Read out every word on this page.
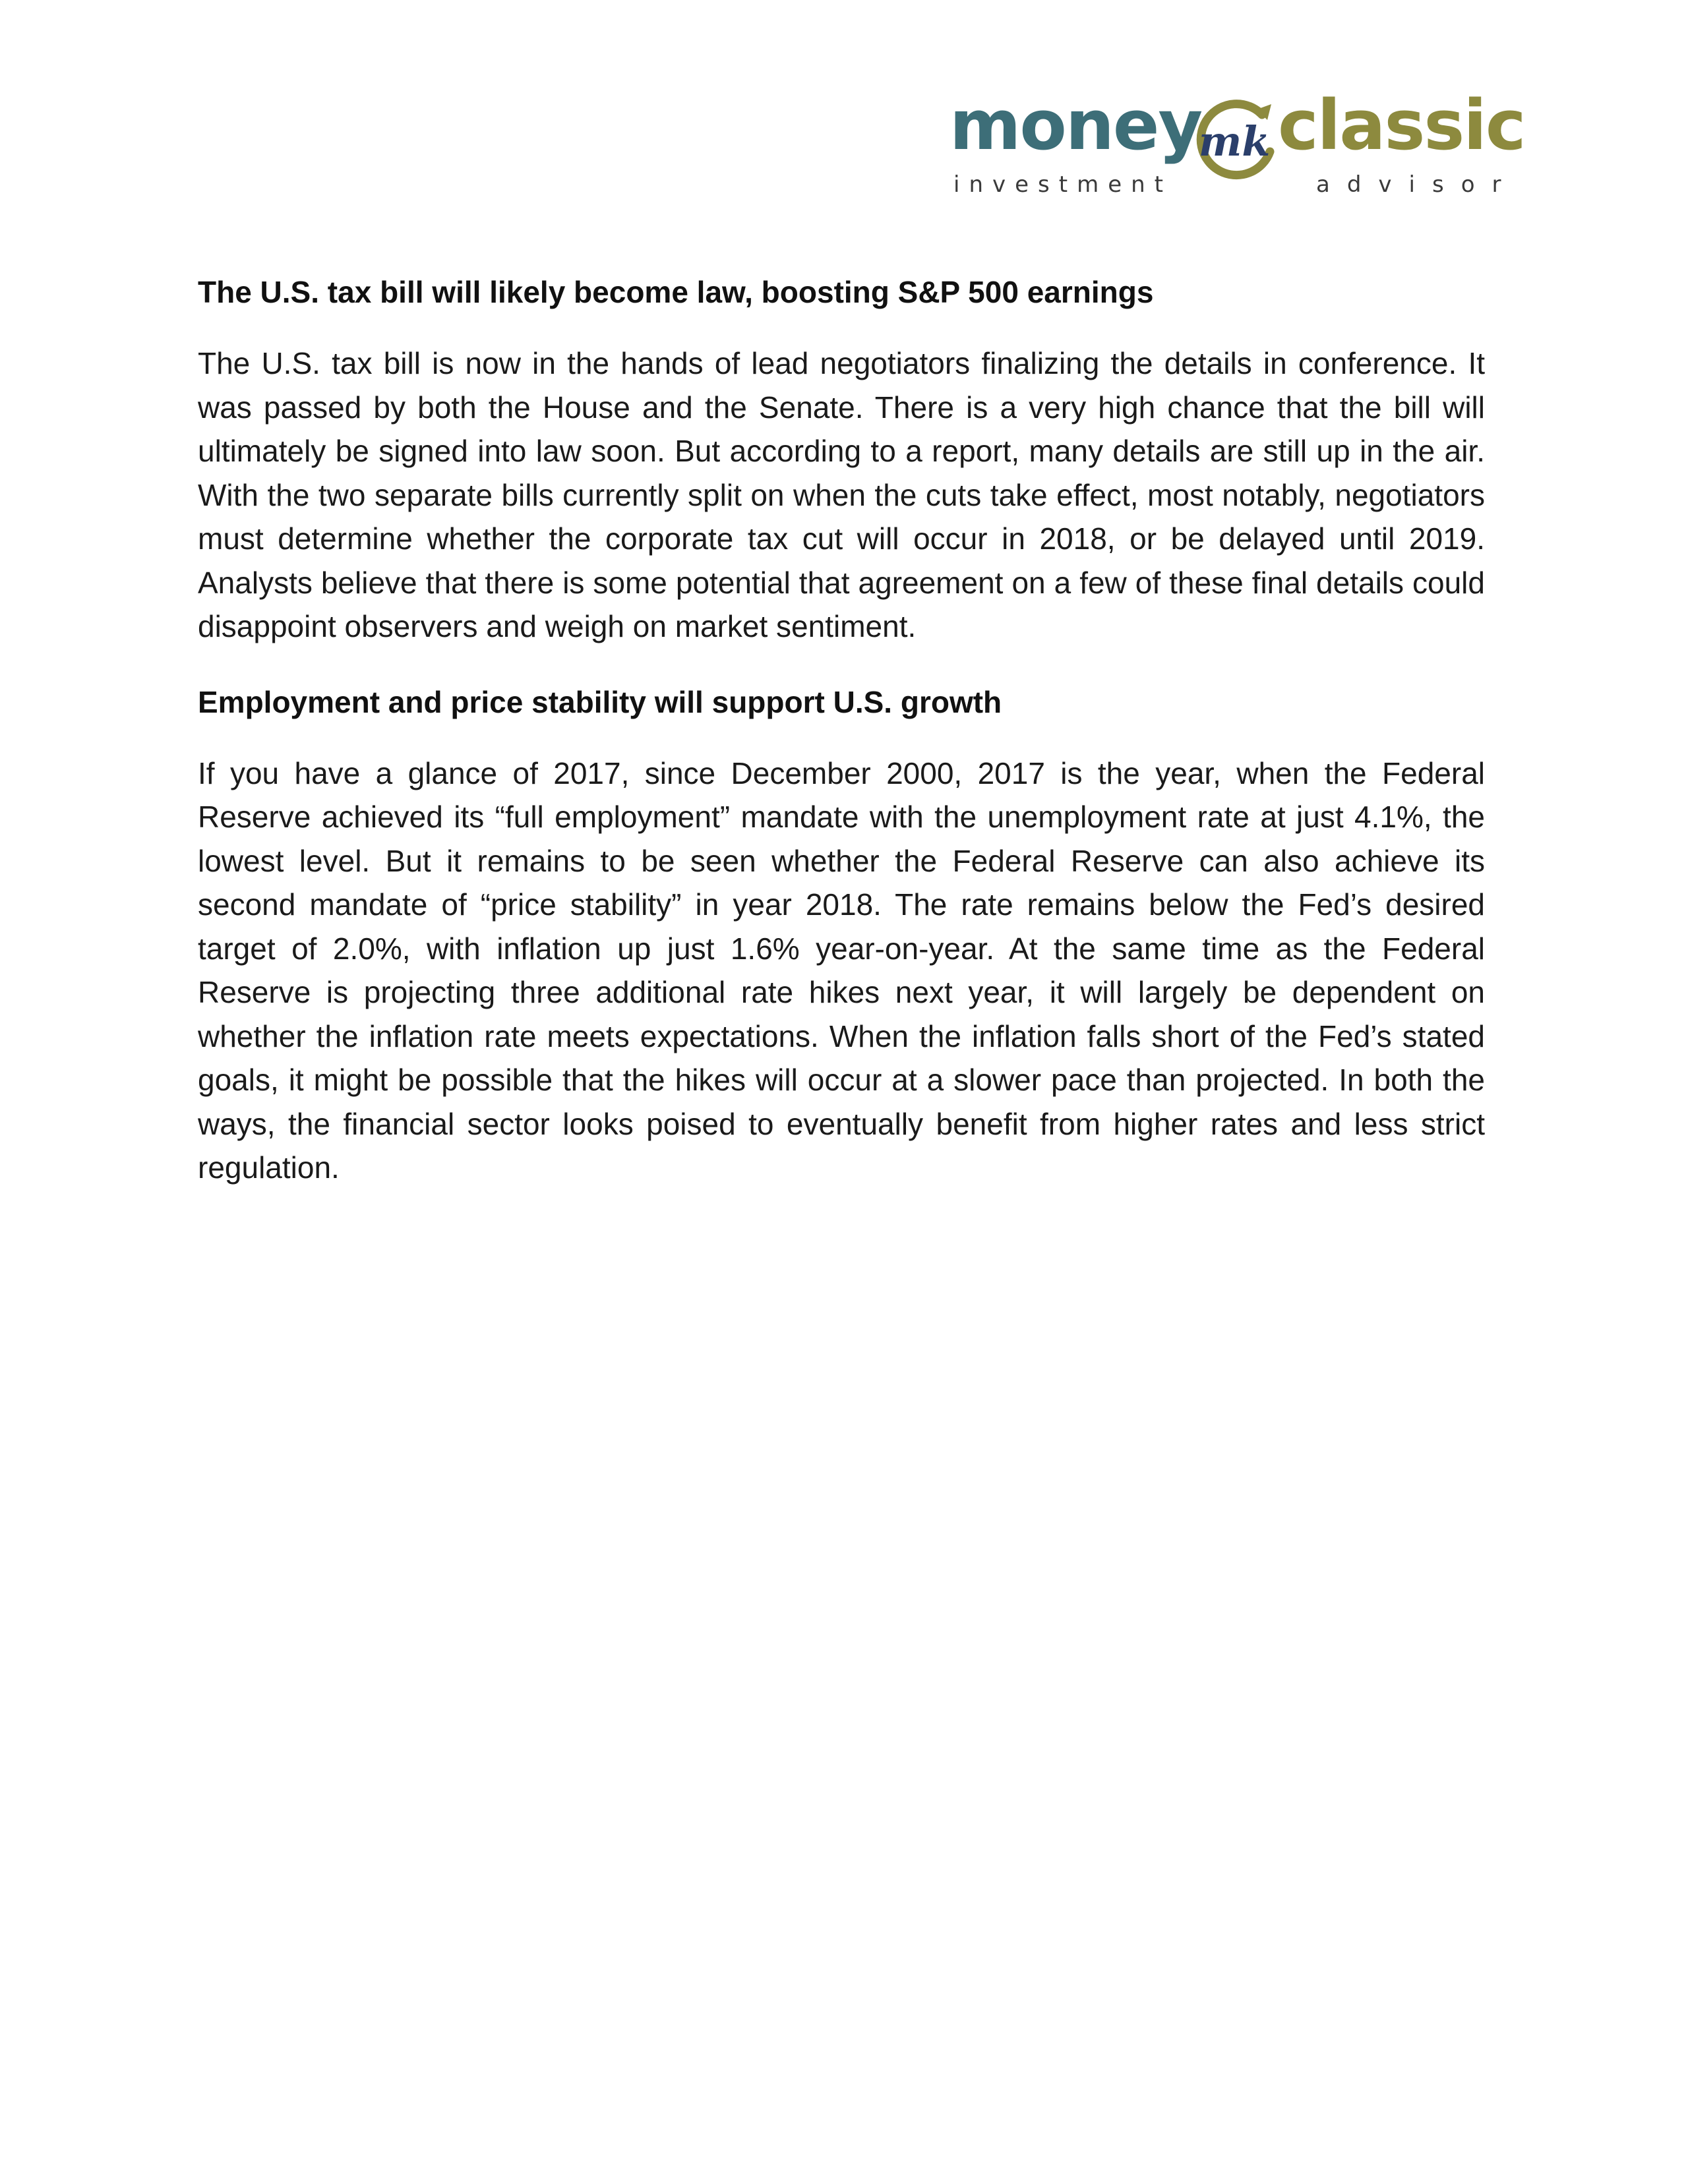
money
mk classic
investment	advisor
The U.S. tax bill will likely become law, boosting S&P 500 earnings

The U.S. tax bill is now in the hands of lead negotiators finalizing the details in conference. It was passed by both the House and the Senate. There is a very high chance that the bill will ultimately be signed into law soon. But according to a report, many details are still up in the air. With the two separate bills currently split on when the cuts take effect, most notably, negotiators must determine whether the corporate tax cut will occur in 2018, or be delayed until 2019. Analysts believe that there is some potential that agreement on a few of these final details could disappoint observers and weigh on market sentiment.

Employment and price stability will support U.S. growth

If you have a glance of 2017, since December 2000, 2017 is the year, when the Federal Reserve achieved its “full employment” mandate with the unemployment rate at just 4.1%, the lowest level. But it remains to be seen whether the Federal Reserve can also achieve its second mandate of “price stability” in year 2018. The rate remains below the Fed’s desired target of 2.0%, with inflation up just 1.6% year-on-year. At the same time as the Federal Reserve is projecting three additional rate hikes next year, it will largely be dependent on whether the inflation rate meets expectations. When the inflation falls short of the Fed’s stated goals, it might be possible that the hikes will occur at a slower pace than projected. In both the ways, the financial sector looks poised to eventually benefit from higher rates and less strict regulation.
